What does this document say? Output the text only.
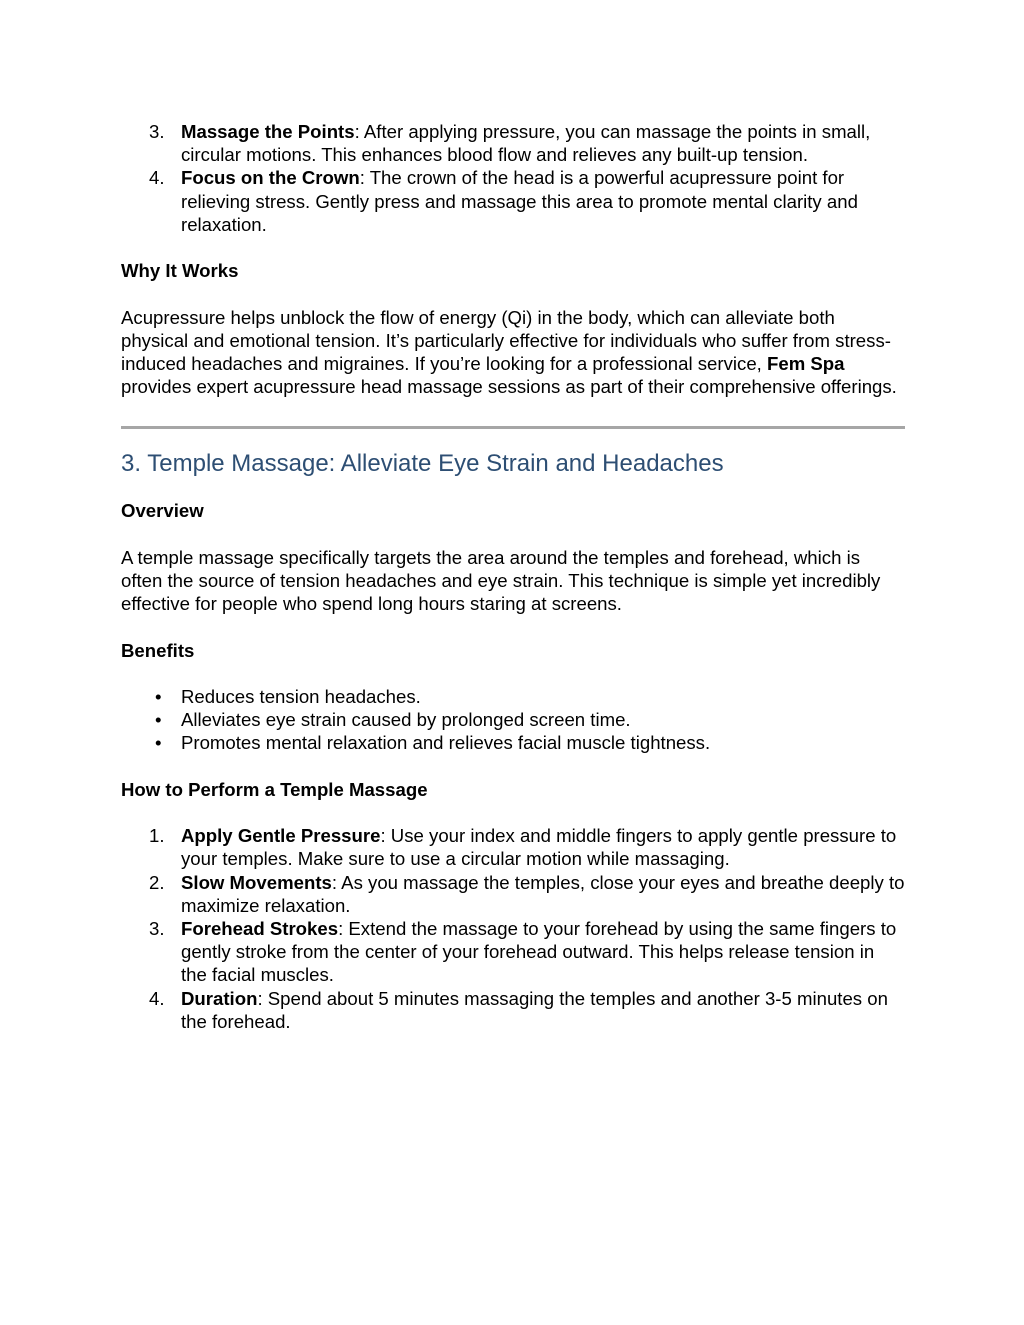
3. Massage the Points: After applying pressure, you can massage the points in small, circular motions. This enhances blood flow and relieves any built-up tension.
4. Focus on the Crown: The crown of the head is a powerful acupressure point for relieving stress. Gently press and massage this area to promote mental clarity and relaxation.

Why It Works

Acupressure helps unblock the flow of energy (Qi) in the body, which can alleviate both physical and emotional tension. It’s particularly effective for individuals who suffer from stress-induced headaches and migraines. If you’re looking for a professional service, Fem Spa provides expert acupressure head massage sessions as part of their comprehensive offerings.

3. Temple Massage: Alleviate Eye Strain and Headaches

Overview

A temple massage specifically targets the area around the temples and forehead, which is often the source of tension headaches and eye strain. This technique is simple yet incredibly effective for people who spend long hours staring at screens.

Benefits

• Reduces tension headaches.
• Alleviates eye strain caused by prolonged screen time.
• Promotes mental relaxation and relieves facial muscle tightness.

How to Perform a Temple Massage

1. Apply Gentle Pressure: Use your index and middle fingers to apply gentle pressure to your temples. Make sure to use a circular motion while massaging.
2. Slow Movements: As you massage the temples, close your eyes and breathe deeply to maximize relaxation.
3. Forehead Strokes: Extend the massage to your forehead by using the same fingers to gently stroke from the center of your forehead outward. This helps release tension in the facial muscles.
4. Duration: Spend about 5 minutes massaging the temples and another 3-5 minutes on the forehead.
